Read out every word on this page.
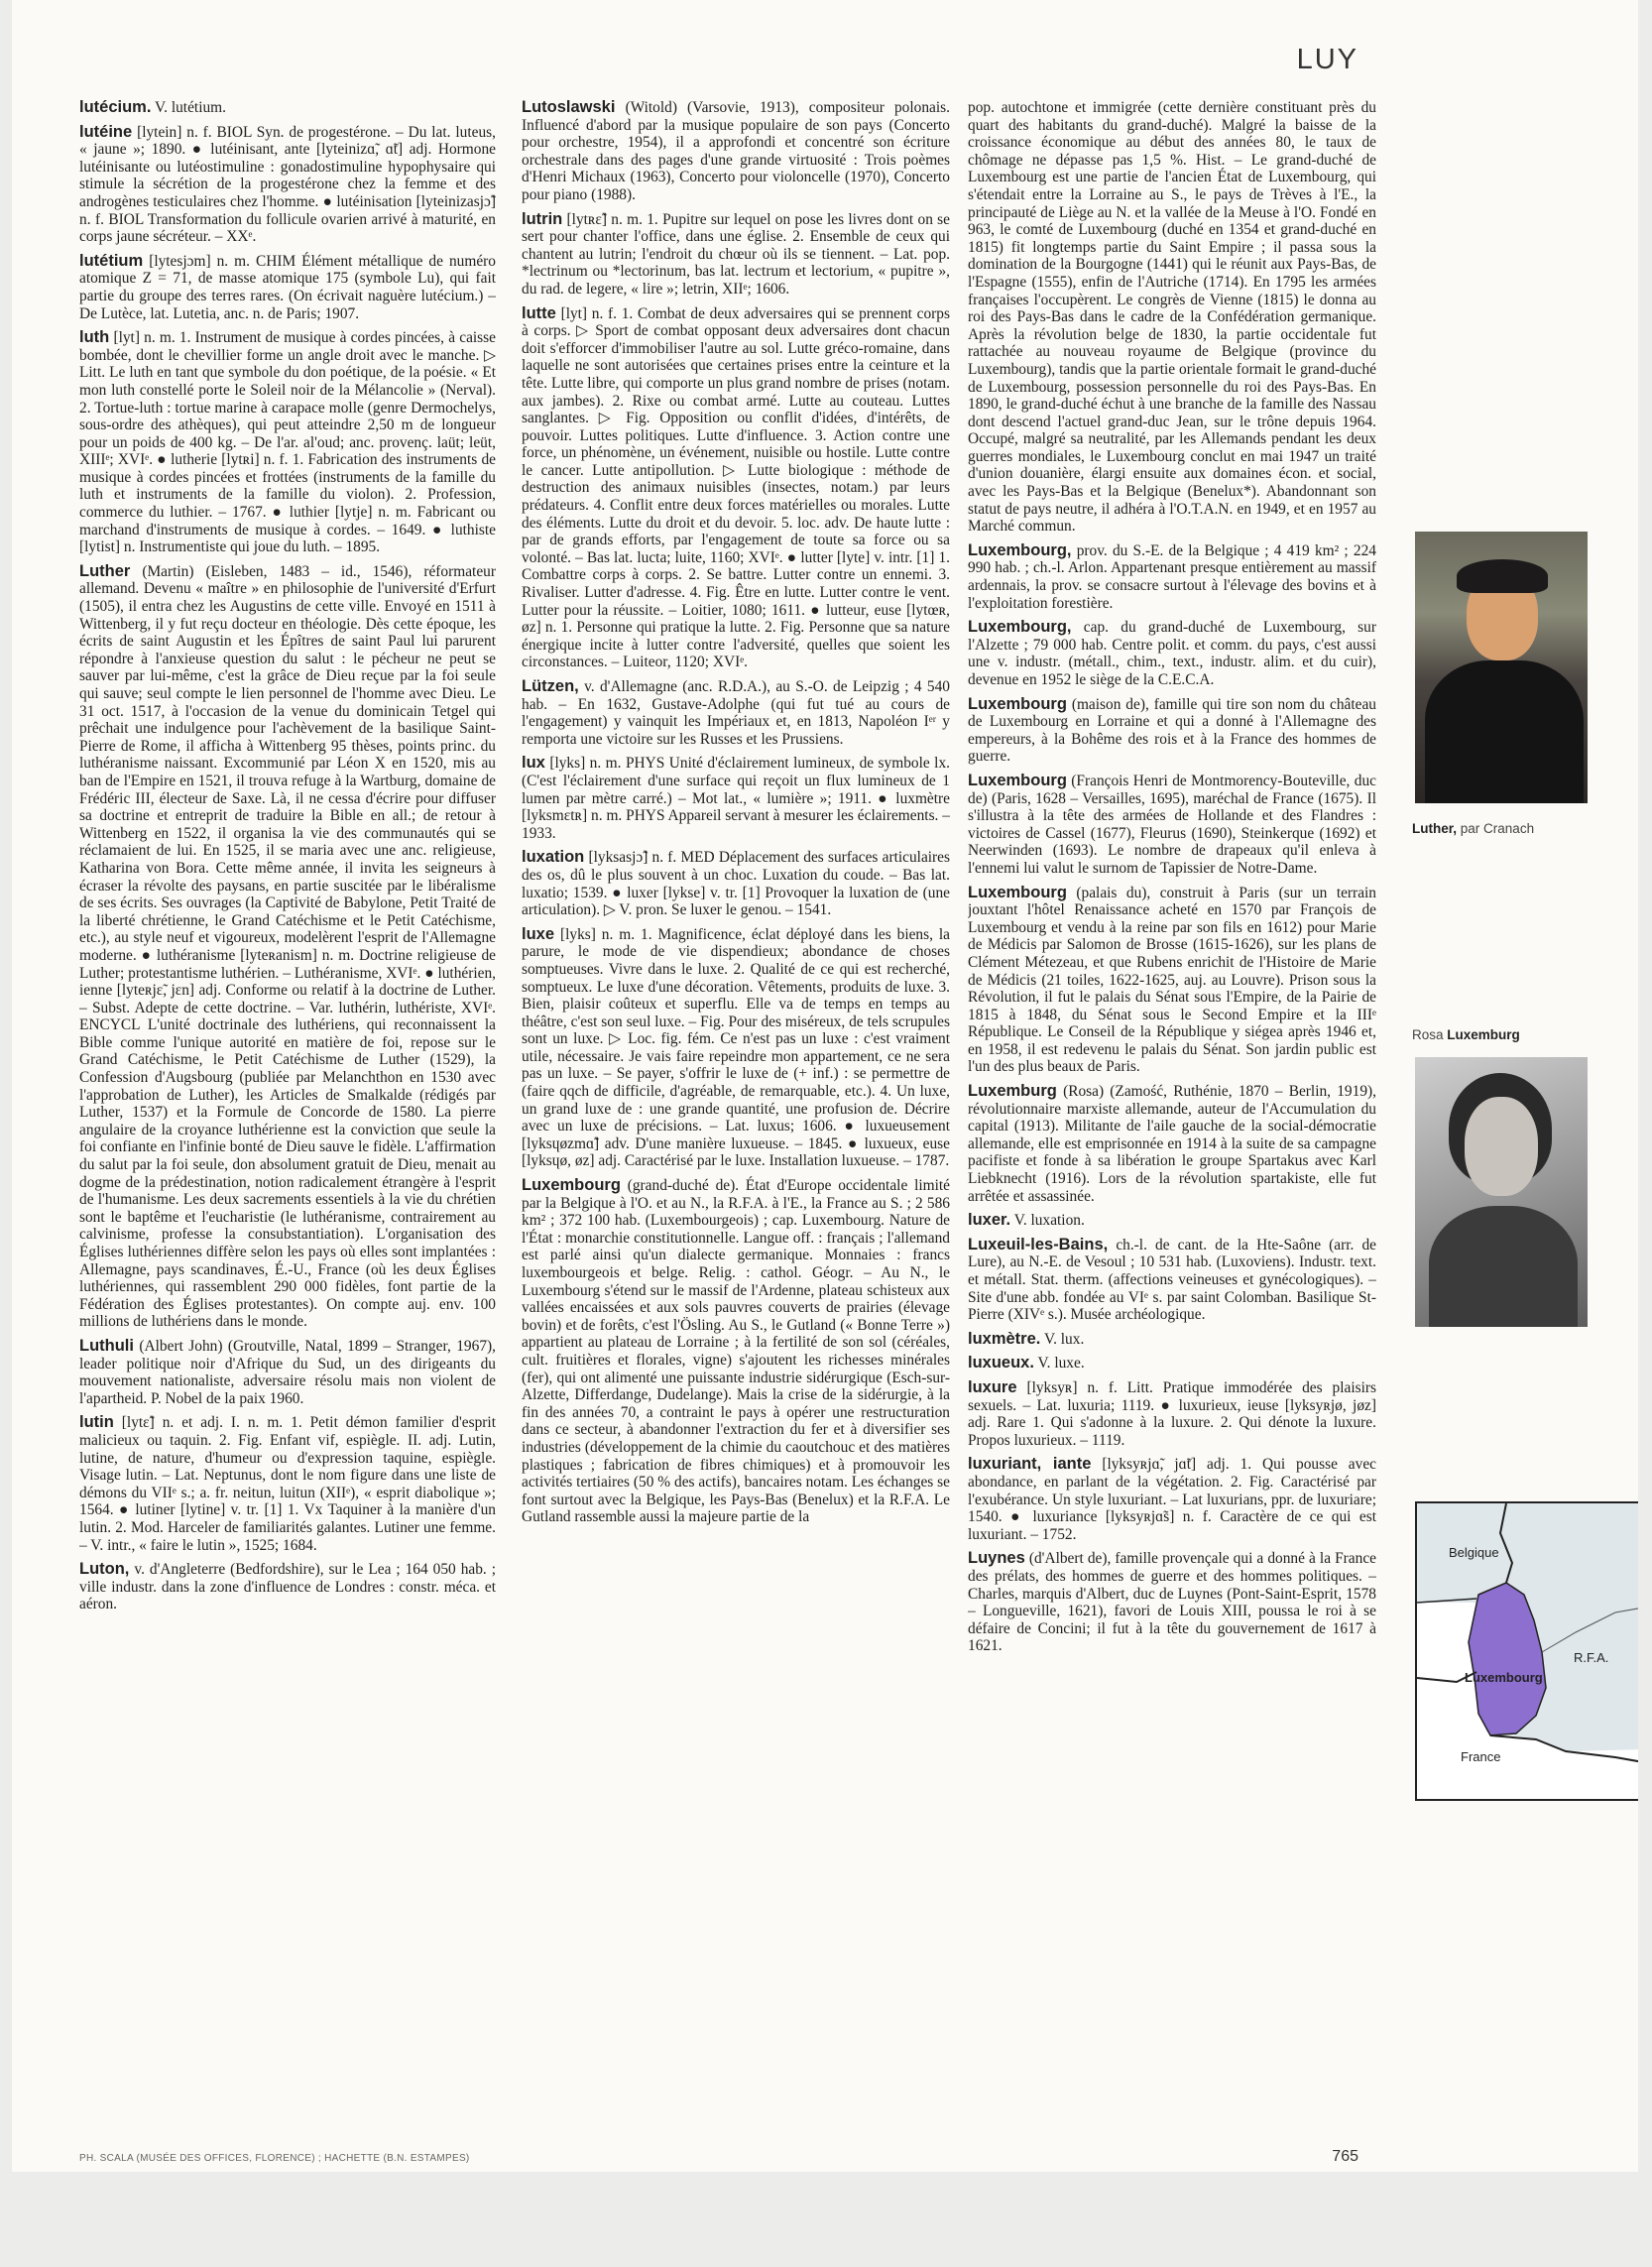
LUY

lutécium. V. lutétium.

lutéine [lytein] n. f. BIOL Syn. de progestérone. – Du lat. luteus, « jaune »; 1890. ● lutéinisant, ante [lyteinizɑ̃, ɑ̃t] adj. Hormone lutéinisante ou lutéostimuline : gonadostimuline hypophysaire qui stimule la sécrétion de la progestérone chez la femme et des androgènes testiculaires chez l'homme. ● lutéinisation [lyteinizasjɔ̃] n. f. BIOL Transformation du follicule ovarien arrivé à maturité, en corps jaune sécréteur. – XXᵉ.

lutétium [lytesjɔm] n. m. CHIM Élément métallique de numéro atomique Z = 71, de masse atomique 175 (symbole Lu), qui fait partie du groupe des terres rares. (On écrivait naguère lutécium.) – De Lutèce, lat. Lutetia, anc. n. de Paris; 1907.

luth [lyt] n. m. 1. Instrument de musique à cordes pincées, à caisse bombée, dont le chevillier forme un angle droit avec le manche. ▷ Litt. Le luth en tant que symbole du don poétique, de la poésie. « Et mon luth constellé porte le Soleil noir de la Mélancolie » (Nerval). 2. Tortue-luth : tortue marine à carapace molle (genre Dermochelys, sous-ordre des athèques), qui peut atteindre 2,50 m de longueur pour un poids de 400 kg. – De l'ar. al'oud; anc. provenç. laüt; leüt, XIIIᵉ; XVIᵉ. ● lutherie [lytʀi] n. f. 1. Fabrication des instruments de musique à cordes pincées et frottées (instruments de la famille du luth et instruments de la famille du violon). 2. Profession, commerce du luthier. – 1767. ● luthier [lytje] n. m. Fabricant ou marchand d'instruments de musique à cordes. – 1649. ● luthiste [lytist] n. Instrumentiste qui joue du luth. – 1895.

Luther (Martin) (Eisleben, 1483 – id., 1546), réformateur allemand. Devenu « maître » en philosophie de l'université d'Erfurt (1505), il entra chez les Augustins de cette ville. Envoyé en 1511 à Wittenberg, il y fut reçu docteur en théologie. Dès cette époque, les écrits de saint Augustin et les Épîtres de saint Paul lui parurent répondre à l'anxieuse question du salut : le pécheur ne peut se sauver par lui-même, c'est la grâce de Dieu reçue par la foi seule qui sauve; seul compte le lien personnel de l'homme avec Dieu. Le 31 oct. 1517, à l'occasion de la venue du dominicain Tetgel qui prêchait une indulgence pour l'achèvement de la basilique Saint-Pierre de Rome, il afficha à Wittenberg 95 thèses, points princ. du luthéranisme naissant. Excommunié par Léon X en 1520, mis au ban de l'Empire en 1521, il trouva refuge à la Wartburg, domaine de Frédéric III, électeur de Saxe. Là, il ne cessa d'écrire pour diffuser sa doctrine et entreprit de traduire la Bible en all.; de retour à Wittenberg en 1522, il organisa la vie des communautés qui se réclamaient de lui. En 1525, il se maria avec une anc. religieuse, Katharina von Bora. Cette même année, il invita les seigneurs à écraser la révolte des paysans, en partie suscitée par le libéralisme de ses écrits. Ses ouvrages (la Captivité de Babylone, Petit Traité de la liberté chrétienne, le Grand Catéchisme et le Petit Catéchisme, etc.), au style neuf et vigoureux, modelèrent l'esprit de l'Allemagne moderne. ● luthéranisme [lyteʀanism] n. m. Doctrine religieuse de Luther; protestantisme luthérien. – Luthéranisme, XVIᵉ. ● luthérien, ienne [lyteʀjɛ̃, jɛn] adj. Conforme ou relatif à la doctrine de Luther. – Subst. Adepte de cette doctrine. – Var. luthérin, luthériste, XVIᵉ. ENCYCL L'unité doctrinale des luthériens, qui reconnaissent la Bible comme l'unique autorité en matière de foi, repose sur le Grand Catéchisme, le Petit Catéchisme de Luther (1529), la Confession d'Augsbourg (publiée par Melanchthon en 1530 avec l'approbation de Luther), les Articles de Smalkalde (rédigés par Luther, 1537) et la Formule de Concorde de 1580. La pierre angulaire de la croyance luthérienne est la conviction que seule la foi confiante en l'infinie bonté de Dieu sauve le fidèle. L'affirmation du salut par la foi seule, don absolument gratuit de Dieu, menait au dogme de la prédestination, notion radicalement étrangère à l'esprit de l'humanisme. Les deux sacrements essentiels à la vie du chrétien sont le baptême et l'eucharistie (le luthéranisme, contrairement au calvinisme, professe la consubstantiation). L'organisation des Églises luthériennes diffère selon les pays où elles sont implantées : Allemagne, pays scandinaves, É.-U., France (où les deux Églises luthériennes, qui rassemblent 290 000 fidèles, font partie de la Fédération des Églises protestantes). On compte auj. env. 100 millions de luthériens dans le monde.

Luthuli (Albert John) (Groutville, Natal, 1899 – Stranger, 1967), leader politique noir d'Afrique du Sud, un des dirigeants du mouvement nationaliste, adversaire résolu mais non violent de l'apartheid. P. Nobel de la paix 1960.

lutin [lytɛ̃] n. et adj. I. n. m. 1. Petit démon familier d'esprit malicieux ou taquin. 2. Fig. Enfant vif, espiègle. II. adj. Lutin, lutine, de nature, d'humeur ou d'expression taquine, espiègle. Visage lutin. – Lat. Neptunus, dont le nom figure dans une liste de démons du VIIᵉ s.; a. fr. neitun, luitun (XIIᵉ), « esprit diabolique »; 1564. ● lutiner [lytine] v. tr. [1] 1. Vx Taquiner à la manière d'un lutin. 2. Mod. Harceler de familiarités galantes. Lutiner une femme. – V. intr., « faire le lutin », 1525; 1684.

Luton, v. d'Angleterre (Bedfordshire), sur le Lea ; 164 050 hab. ; ville industr. dans la zone d'influence de Londres : constr. méca. et aéron.

Lutoslawski (Witold) (Varsovie, 1913), compositeur polonais. Influencé d'abord par la musique populaire de son pays (Concerto pour orchestre, 1954), il a approfondi et concentré son écriture orchestrale dans des pages d'une grande virtuosité : Trois poèmes d'Henri Michaux (1963), Concerto pour violoncelle (1970), Concerto pour piano (1988).

lutrin [lytʀɛ̃] n. m. 1. Pupitre sur lequel on pose les livres dont on se sert pour chanter l'office, dans une église. 2. Ensemble de ceux qui chantent au lutrin; l'endroit du chœur où ils se tiennent. – Lat. pop. *lectrinum ou *lectorinum, bas lat. lectrum et lectorium, « pupitre », du rad. de legere, « lire »; letrin, XIIᵉ; 1606.

lutte [lyt] n. f. 1. Combat de deux adversaires qui se prennent corps à corps. ▷ Sport de combat opposant deux adversaires dont chacun doit s'efforcer d'immobiliser l'autre au sol. Lutte gréco-romaine, dans laquelle ne sont autorisées que certaines prises entre la ceinture et la tête. Lutte libre, qui comporte un plus grand nombre de prises (notam. aux jambes). 2. Rixe ou combat armé. Lutte au couteau. Luttes sanglantes. ▷ Fig. Opposition ou conflit d'idées, d'intérêts, de pouvoir. Luttes politiques. Lutte d'influence. 3. Action contre une force, un phénomène, un événement, nuisible ou hostile. Lutte contre le cancer. Lutte antipollution. ▷ Lutte biologique : méthode de destruction des animaux nuisibles (insectes, notam.) par leurs prédateurs. 4. Conflit entre deux forces matérielles ou morales. Lutte des éléments. Lutte du droit et du devoir. 5. loc. adv. De haute lutte : par de grands efforts, par l'engagement de toute sa force ou sa volonté. – Bas lat. lucta; luite, 1160; XVIᵉ. ● lutter [lyte] v. intr. [1] 1. Combattre corps à corps. 2. Se battre. Lutter contre un ennemi. 3. Rivaliser. Lutter d'adresse. 4. Fig. Être en lutte. Lutter contre le vent. Lutter pour la réussite. – Loitier, 1080; 1611. ● lutteur, euse [lytœʀ, øz] n. 1. Personne qui pratique la lutte. 2. Fig. Personne que sa nature énergique incite à lutter contre l'adversité, quelles que soient les circonstances. – Luiteor, 1120; XVIᵉ.

Lützen, v. d'Allemagne (anc. R.D.A.), au S.-O. de Leipzig ; 4 540 hab. – En 1632, Gustave-Adolphe (qui fut tué au cours de l'engagement) y vainquit les Impériaux et, en 1813, Napoléon Iᵉʳ y remporta une victoire sur les Russes et les Prussiens.

lux [lyks] n. m. PHYS Unité d'éclairement lumineux, de symbole lx. (C'est l'éclairement d'une surface qui reçoit un flux lumineux de 1 lumen par mètre carré.) – Mot lat., « lumière »; 1911. ● luxmètre [lyksmɛtʀ] n. m. PHYS Appareil servant à mesurer les éclairements. – 1933.

luxation [lyksasjɔ̃] n. f. MED Déplacement des surfaces articulaires des os, dû le plus souvent à un choc. Luxation du coude. – Bas lat. luxatio; 1539. ● luxer [lykse] v. tr. [1] Provoquer la luxation de (une articulation). ▷ V. pron. Se luxer le genou. – 1541.

luxe [lyks] n. m. 1. Magnificence, éclat déployé dans les biens, la parure, le mode de vie dispendieux; abondance de choses somptueuses. Vivre dans le luxe. 2. Qualité de ce qui est recherché, somptueux. Le luxe d'une décoration. Vêtements, produits de luxe. 3. Bien, plaisir coûteux et superflu. Elle va de temps en temps au théâtre, c'est son seul luxe. – Fig. Pour des miséreux, de tels scrupules sont un luxe. ▷ Loc. fig. fém. Ce n'est pas un luxe : c'est vraiment utile, nécessaire. Je vais faire repeindre mon appartement, ce ne sera pas un luxe. – Se payer, s'offrir le luxe de (+ inf.) : se permettre de (faire qqch de difficile, d'agréable, de remarquable, etc.). 4. Un luxe, un grand luxe de : une grande quantité, une profusion de. Décrire avec un luxe de précisions. – Lat. luxus; 1606. ● luxueusement [lyksɥøzmɑ̃] adv. D'une manière luxueuse. – 1845. ● luxueux, euse [lyksɥø, øz] adj. Caractérisé par le luxe. Installation luxueuse. – 1787.

Luxembourg (grand-duché de). État d'Europe occidentale limité par la Belgique à l'O. et au N., la R.F.A. à l'E., la France au S. ; 2 586 km² ; 372 100 hab. (Luxembourgeois) ; cap. Luxembourg. Nature de l'État : monarchie constitutionnelle. Langue off. : français ; l'allemand est parlé ainsi qu'un dialecte germanique. Monnaies : francs luxembourgeois et belge. Relig. : cathol. Géogr. – Au N., le Luxembourg s'étend sur le massif de l'Ardenne, plateau schisteux aux vallées encaissées et aux sols pauvres couverts de prairies (élevage bovin) et de forêts, c'est l'Ösling. Au S., le Gutland (« Bonne Terre ») appartient au plateau de Lorraine ; à la fertilité de son sol (céréales, cult. fruitières et florales, vigne) s'ajoutent les richesses minérales (fer), qui ont alimenté une puissante industrie sidérurgique (Esch-sur-Alzette, Differdange, Dudelange). Mais la crise de la sidérurgie, à la fin des années 70, a contraint le pays à opérer une restructuration dans ce secteur, à abandonner l'extraction du fer et à diversifier ses industries (développement de la chimie du caoutchouc et des matières plastiques ; fabrication de fibres chimiques) et à promouvoir les activités tertiaires (50 % des actifs), bancaires notam. Les échanges se font surtout avec la Belgique, les Pays-Bas (Benelux) et la R.F.A. Le Gutland rassemble aussi la majeure partie de la

pop. autochtone et immigrée (cette dernière constituant près du quart des habitants du grand-duché). Malgré la baisse de la croissance économique au début des années 80, le taux de chômage ne dépasse pas 1,5 %. Hist. – Le grand-duché de Luxembourg est une partie de l'ancien État de Luxembourg, qui s'étendait entre la Lorraine au S., le pays de Trèves à l'E., la principauté de Liège au N. et la vallée de la Meuse à l'O. Fondé en 963, le comté de Luxembourg (duché en 1354 et grand-duché en 1815) fit longtemps partie du Saint Empire ; il passa sous la domination de la Bourgogne (1441) qui le réunit aux Pays-Bas, de l'Espagne (1555), enfin de l'Autriche (1714). En 1795 les armées françaises l'occupèrent. Le congrès de Vienne (1815) le donna au roi des Pays-Bas dans le cadre de la Confédération germanique. Après la révolution belge de 1830, la partie occidentale fut rattachée au nouveau royaume de Belgique (province du Luxembourg), tandis que la partie orientale formait le grand-duché de Luxembourg, possession personnelle du roi des Pays-Bas. En 1890, le grand-duché échut à une branche de la famille des Nassau dont descend l'actuel grand-duc Jean, sur le trône depuis 1964. Occupé, malgré sa neutralité, par les Allemands pendant les deux guerres mondiales, le Luxembourg conclut en mai 1947 un traité d'union douanière, élargi ensuite aux domaines écon. et social, avec les Pays-Bas et la Belgique (Benelux*). Abandonnant son statut de pays neutre, il adhéra à l'O.T.A.N. en 1949, et en 1957 au Marché commun.

Luxembourg, prov. du S.-E. de la Belgique ; 4 419 km² ; 224 990 hab. ; ch.-l. Arlon. Appartenant presque entièrement au massif ardennais, la prov. se consacre surtout à l'élevage des bovins et à l'exploitation forestière.

Luxembourg, cap. du grand-duché de Luxembourg, sur l'Alzette ; 79 000 hab. Centre polit. et comm. du pays, c'est aussi une v. industr. (métall., chim., text., industr. alim. et du cuir), devenue en 1952 le siège de la C.E.C.A.

Luxembourg (maison de), famille qui tire son nom du château de Luxembourg en Lorraine et qui a donné à l'Allemagne des empereurs, à la Bohême des rois et à la France des hommes de guerre.

Luxembourg (François Henri de Montmorency-Bouteville, duc de) (Paris, 1628 – Versailles, 1695), maréchal de France (1675). Il s'illustra à la tête des armées de Hollande et des Flandres : victoires de Cassel (1677), Fleurus (1690), Steinkerque (1692) et Neerwinden (1693). Le nombre de drapeaux qu'il enleva à l'ennemi lui valut le surnom de Tapissier de Notre-Dame.

Luxembourg (palais du), construit à Paris (sur un terrain jouxtant l'hôtel Renaissance acheté en 1570 par François de Luxembourg et vendu à la reine par son fils en 1612) pour Marie de Médicis par Salomon de Brosse (1615-1626), sur les plans de Clément Métezeau, et que Rubens enrichit de l'Histoire de Marie de Médicis (21 toiles, 1622-1625, auj. au Louvre). Prison sous la Révolution, il fut le palais du Sénat sous l'Empire, de la Pairie de 1815 à 1848, du Sénat sous le Second Empire et la IIIᵉ République. Le Conseil de la République y siégea après 1946 et, en 1958, il est redevenu le palais du Sénat. Son jardin public est l'un des plus beaux de Paris.

Luxemburg (Rosa) (Zamość, Ruthénie, 1870 – Berlin, 1919), révolutionnaire marxiste allemande, auteur de l'Accumulation du capital (1913). Militante de l'aile gauche de la social-démocratie allemande, elle est emprisonnée en 1914 à la suite de sa campagne pacifiste et fonde à sa libération le groupe Spartakus avec Karl Liebknecht (1916). Lors de la révolution spartakiste, elle fut arrêtée et assassinée.

luxer. V. luxation.

Luxeuil-les-Bains, ch.-l. de cant. de la Hte-Saône (arr. de Lure), au N.-E. de Vesoul ; 10 531 hab. (Luxoviens). Industr. text. et métall. Stat. therm. (affections veineuses et gynécologiques). – Site d'une abb. fondée au VIᵉ s. par saint Colomban. Basilique St-Pierre (XIVᵉ s.). Musée archéologique.

luxmètre. V. lux.

luxueux. V. luxe.

luxure [lyksyʀ] n. f. Litt. Pratique immodérée des plaisirs sexuels. – Lat. luxuria; 1119. ● luxurieux, ieuse [lyksyʀjø, jøz] adj. Rare 1. Qui s'adonne à la luxure. 2. Qui dénote la luxure. Propos luxurieux. – 1119.

luxuriant, iante [lyksyʀjɑ̃, jɑ̃t] adj. 1. Qui pousse avec abondance, en parlant de la végétation. 2. Fig. Caractérisé par l'exubérance. Un style luxuriant. – Lat luxurians, ppr. de luxuriare; 1540. ● luxuriance [lyksyʀjɑ̃s] n. f. Caractère de ce qui est luxuriant. – 1752.

Luynes (d'Albert de), famille provençale qui a donné à la France des prélats, des hommes de guerre et des hommes politiques. – Charles, marquis d'Albert, duc de Luynes (Pont-Saint-Esprit, 1578 – Longueville, 1621), favori de Louis XIII, poussa le roi à se défaire de Concini; il fut à la tête du gouvernement de 1617 à 1621.

Luther, par Cranach
Rosa Luxemburg
Belgique
R.F.A.
Luxembourg
France
PH. SCALA (MUSÉE DES OFFICES, FLORENCE) ; HACHETTE (B.N. ESTAMPES)	765
